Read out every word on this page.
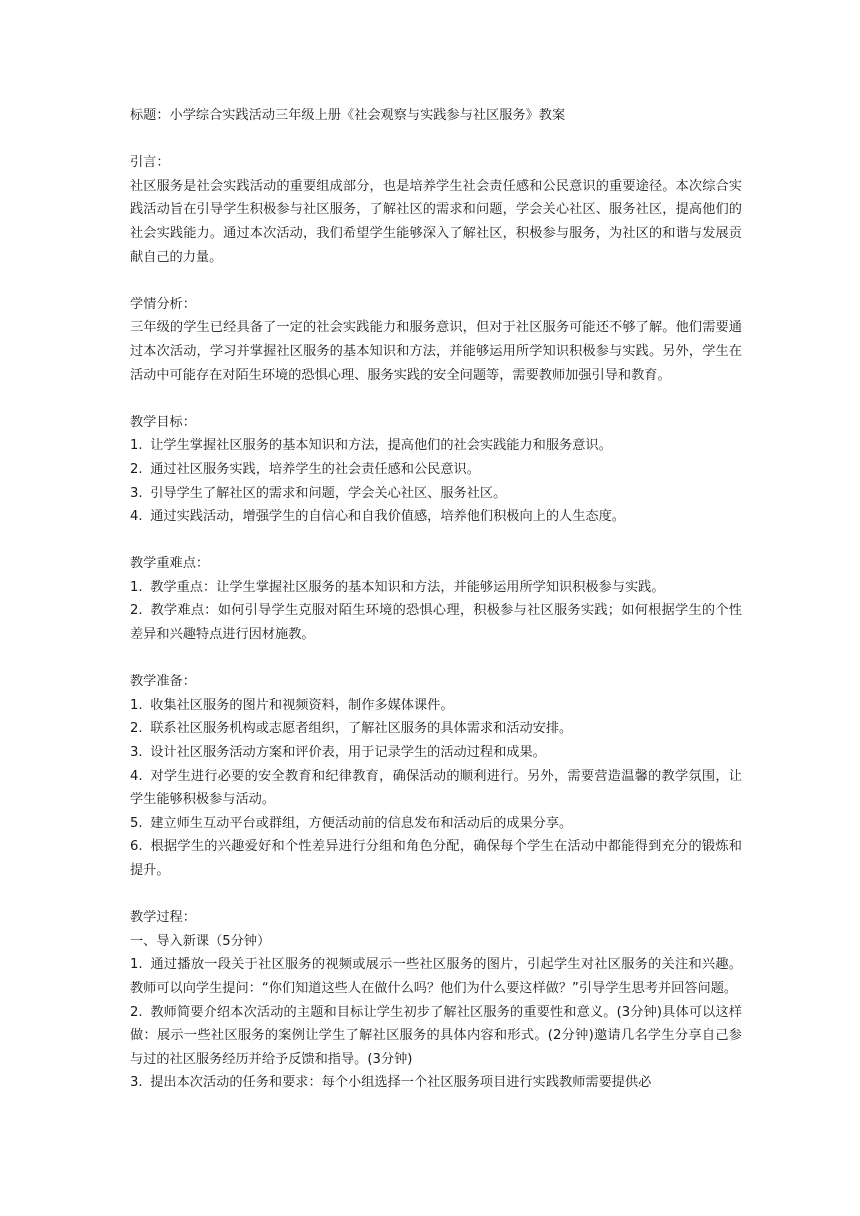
标题：小学综合实践活动三年级上册《社会观察与实践参与社区服务》教案

引言：

社区服务是社会实践活动的重要组成部分，也是培养学生社会责任感和公民意识的重要途径。本次综合实践活动旨在引导学生积极参与社区服务，了解社区的需求和问题，学会关心社区、服务社区，提高他们的社会实践能力。通过本次活动，我们希望学生能够深入了解社区，积极参与服务，为社区的和谐与发展贡献自己的力量。

学情分析：

三年级的学生已经具备了一定的社会实践能力和服务意识，但对于社区服务可能还不够了解。他们需要通过本次活动，学习并掌握社区服务的基本知识和方法，并能够运用所学知识积极参与实践。另外，学生在活动中可能存在对陌生环境的恐惧心理、服务实践的安全问题等，需要教师加强引导和教育。

教学目标：

1. 让学生掌握社区服务的基本知识和方法，提高他们的社会实践能力和服务意识。
2. 通过社区服务实践，培养学生的社会责任感和公民意识。
3. 引导学生了解社区的需求和问题，学会关心社区、服务社区。
4. 通过实践活动，增强学生的自信心和自我价值感，培养他们积极向上的人生态度。

教学重难点：

1. 教学重点：让学生掌握社区服务的基本知识和方法，并能够运用所学知识积极参与实践。
2. 教学难点：如何引导学生克服对陌生环境的恐惧心理，积极参与社区服务实践；如何根据学生的个性差异和兴趣特点进行因材施教。

教学准备：

1. 收集社区服务的图片和视频资料，制作多媒体课件。
2. 联系社区服务机构或志愿者组织，了解社区服务的具体需求和活动安排。
3. 设计社区服务活动方案和评价表，用于记录学生的活动过程和成果。
4. 对学生进行必要的安全教育和纪律教育，确保活动的顺利进行。另外，需要营造温馨的教学氛围，让学生能够积极参与活动。
5. 建立师生互动平台或群组，方便活动前的信息发布和活动后的成果分享。
6. 根据学生的兴趣爱好和个性差异进行分组和角色分配，确保每个学生在活动中都能得到充分的锻炼和提升。

教学过程：

一、导入新课（5分钟）

1. 通过播放一段关于社区服务的视频或展示一些社区服务的图片，引起学生对社区服务的关注和兴趣。教师可以向学生提问：“你们知道这些人在做什么吗？他们为什么要这样做？”引导学生思考并回答问题。
2. 教师简要介绍本次活动的主题和目标让学生初步了解社区服务的重要性和意义。(3分钟)具体可以这样做：展示一些社区服务的案例让学生了解社区服务的具体内容和形式。(2分钟)邀请几名学生分享自己参与过的社区服务经历并给予反馈和指导。(3分钟)
3. 提出本次活动的任务和要求：每个小组选择一个社区服务项目进行实践教师需要提供必
